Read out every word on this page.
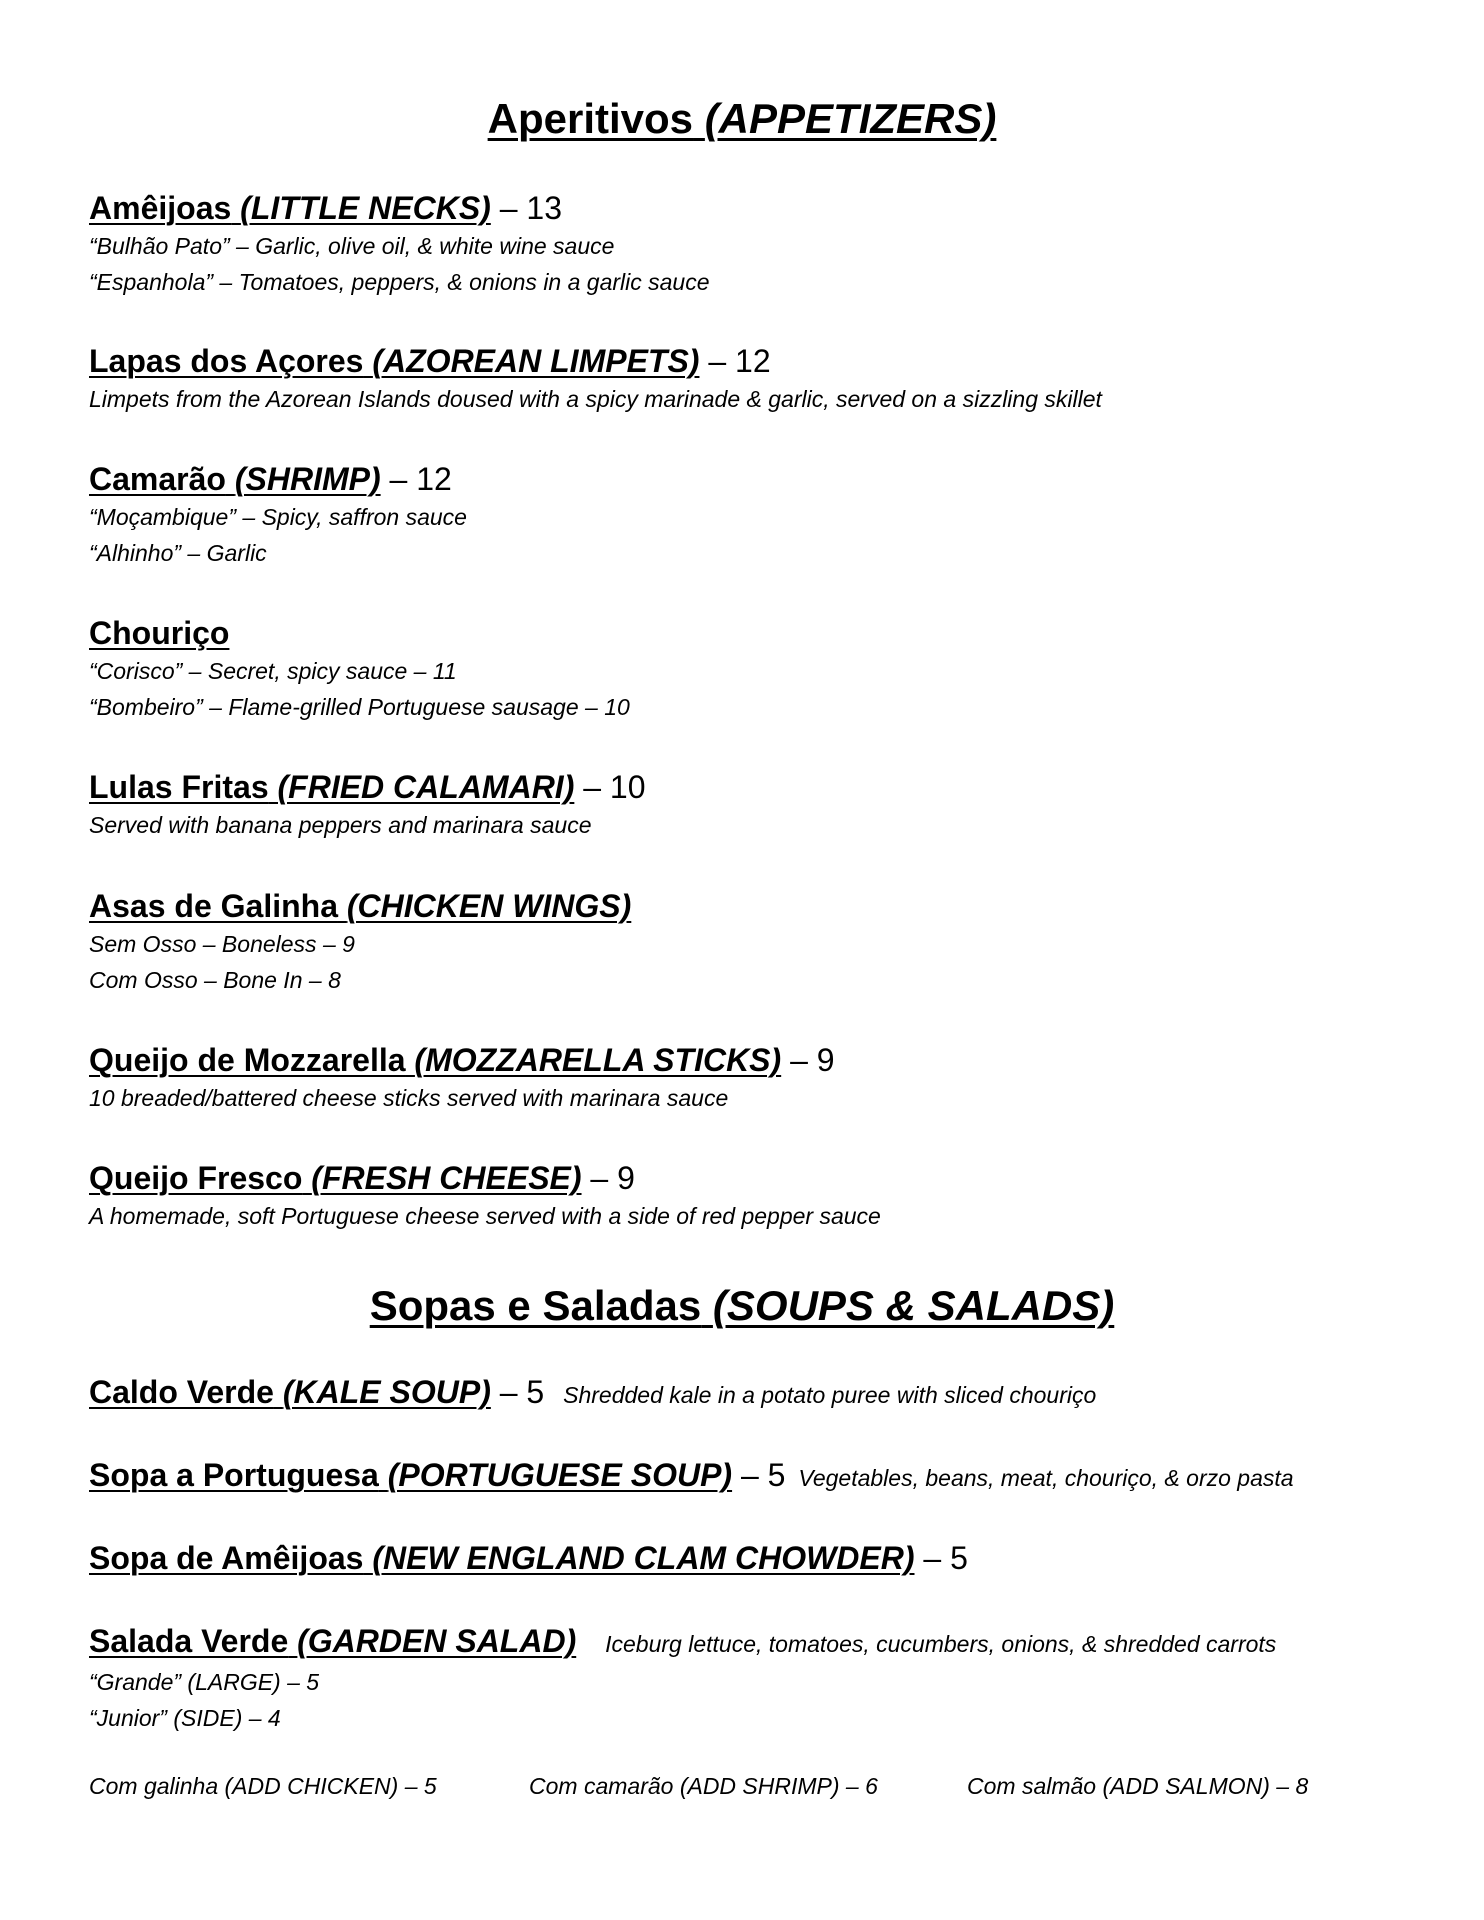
Aperitivos (APPETIZERS)
Amêijoas (LITTLE NECKS) – 13
“Bulhão Pato” – Garlic, olive oil, & white wine sauce
“Espanhola” – Tomatoes, peppers, & onions in a garlic sauce
Lapas dos Açores (AZOREAN LIMPETS) – 12
Limpets from the Azorean Islands doused with a spicy marinade & garlic, served on a sizzling skillet
Camarão (SHRIMP) – 12
“Moçambique” – Spicy, saffron sauce
“Alhinho” – Garlic
Chouriço
“Corisco” – Secret, spicy sauce – 11
“Bombeiro” – Flame-grilled Portuguese sausage – 10
Lulas Fritas (FRIED CALAMARI) – 10
Served with banana peppers and marinara sauce
Asas de Galinha (CHICKEN WINGS)
Sem Osso – Boneless – 9
Com Osso – Bone In – 8
Queijo de Mozzarella (MOZZARELLA STICKS) – 9
10 breaded/battered cheese sticks served with marinara sauce
Queijo Fresco (FRESH CHEESE) – 9
A homemade, soft Portuguese cheese served with a side of red pepper sauce
Sopas e Saladas (SOUPS & SALADS)
Caldo Verde (KALE SOUP) – 5 Shredded kale in a potato puree with sliced chouriço
Sopa a Portuguesa (PORTUGUESE SOUP) – 5 Vegetables, beans, meat, chouriço, & orzo pasta
Sopa de Amêijoas (NEW ENGLAND CLAM CHOWDER) – 5
Salada Verde (GARDEN SALAD) Iceburg lettuce, tomatoes, cucumbers, onions, & shredded carrots
“Grande” (LARGE) – 5
“Junior” (SIDE) – 4
Com galinha (ADD CHICKEN) – 5	Com camarão (ADD SHRIMP) – 6	Com salmão (ADD SALMON) – 8
